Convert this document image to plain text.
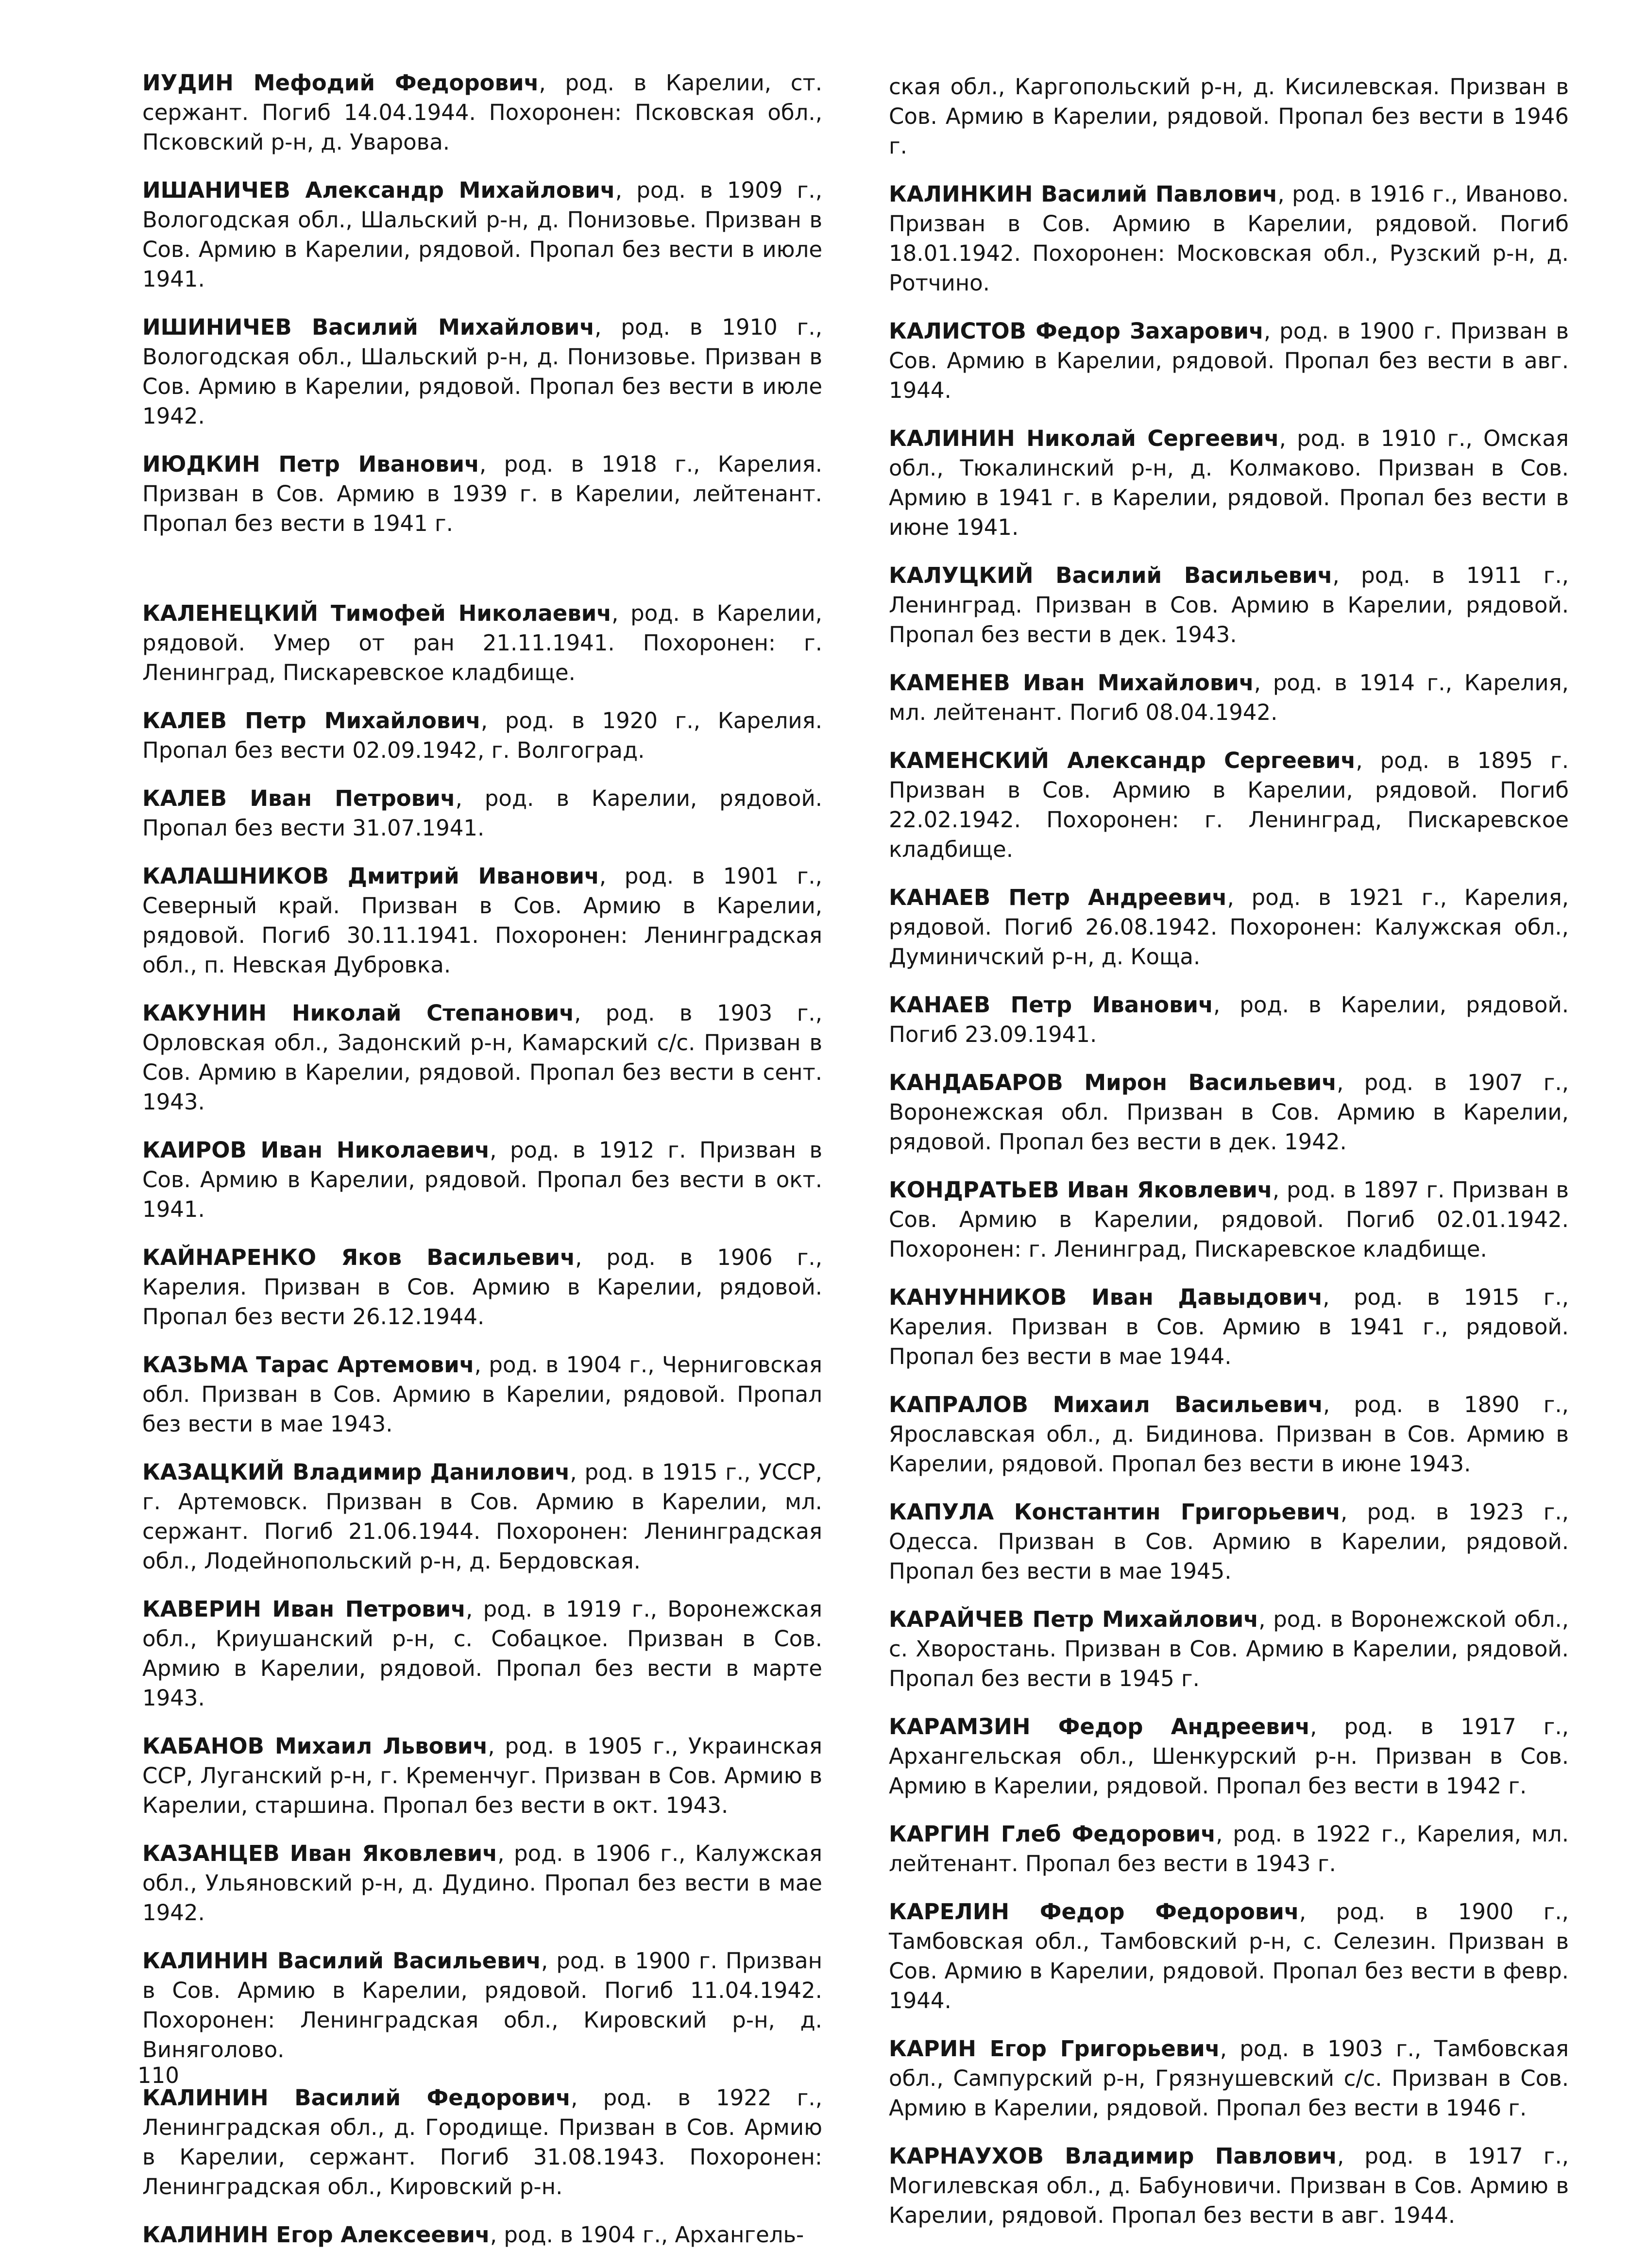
ИУДИН Мефодий Федорович, род. в Карелии, ст. сержант. Погиб 14.04.1944. Похоронен: Псковская обл., Псковский р-н, д. Уварова.

ИШАНИЧЕВ Александр Михайлович, род. в 1909 г., Вологодская обл., Шальский р-н, д. Понизовье. Призван в Сов. Армию в Карелии, рядовой. Пропал без вести в июле 1941.

ИШИНИЧЕВ Василий Михайлович, род. в 1910 г., Вологодская обл., Шальский р-н, д. Понизовье. Призван в Сов. Армию в Карелии, рядовой. Пропал без вести в июле 1942.

ИЮДКИН Петр Иванович, род. в 1918 г., Карелия. Призван в Сов. Армию в 1939 г. в Карелии, лейтенант. Пропал без вести в 1941 г.

КАЛЕНЕЦКИЙ Тимофей Николаевич, род. в Карелии, рядовой. Умер от ран 21.11.1941. Похоронен: г. Ленинград, Пискаревское кладбище.

КАЛЕВ Петр Михайлович, род. в 1920 г., Карелия. Пропал без вести 02.09.1942, г. Волгоград.

КАЛЕВ Иван Петрович, род. в Карелии, рядовой. Пропал без вести 31.07.1941.

КАЛАШНИКОВ Дмитрий Иванович, род. в 1901 г., Северный край. Призван в Сов. Армию в Карелии, рядовой. Погиб 30.11.1941. Похоронен: Ленинградская обл., п. Невская Дубровка.

КАКУНИН Николай Степанович, род. в 1903 г., Орловская обл., Задонский р-н, Камарский с/с. Призван в Сов. Армию в Карелии, рядовой. Пропал без вести в сент. 1943.

КАИРОВ Иван Николаевич, род. в 1912 г. Призван в Сов. Армию в Карелии, рядовой. Пропал без вести в окт. 1941.

КАЙНАРЕНКО Яков Васильевич, род. в 1906 г., Карелия. Призван в Сов. Армию в Карелии, рядовой. Пропал без вести 26.12.1944.

КАЗЬМА Тарас Артемович, род. в 1904 г., Черниговская обл. Призван в Сов. Армию в Карелии, рядовой. Пропал без вести в мае 1943.

КАЗАЦКИЙ Владимир Данилович, род. в 1915 г., УССР, г. Артемовск. Призван в Сов. Армию в Карелии, мл. сержант. Погиб 21.06.1944. Похоронен: Ленинградская обл., Лодейнопольский р-н, д. Бердовская.

КАВЕРИН Иван Петрович, род. в 1919 г., Воронежская обл., Криушанский р-н, с. Собацкое. Призван в Сов. Армию в Карелии, рядовой. Пропал без вести в марте 1943.

КАБАНОВ Михаил Львович, род. в 1905 г., Украинская ССР, Луганский р-н, г. Кременчуг. Призван в Сов. Армию в Карелии, старшина. Пропал без вести в окт. 1943.

КАЗАНЦЕВ Иван Яковлевич, род. в 1906 г., Калужская обл., Ульяновский р-н, д. Дудино. Пропал без вести в мае 1942.

КАЛИНИН Василий Васильевич, род. в 1900 г. Призван в Сов. Армию в Карелии, рядовой. Погиб 11.04.1942. Похоронен: Ленинградская обл., Кировский р-н, д. Виняголово.

КАЛИНИН Василий Федорович, род. в 1922 г., Ленинградская обл., д. Городище. Призван в Сов. Армию в Карелии, сержант. Погиб 31.08.1943. Похоронен: Ленинградская обл., Кировский р-н.

КАЛИНИН Егор Алексеевич, род. в 1904 г., Архангель-

ская обл., Каргопольский р-н, д. Кисилевская. Призван в Сов. Армию в Карелии, рядовой. Пропал без вести в 1946 г.

КАЛИНКИН Василий Павлович, род. в 1916 г., Иваново. Призван в Сов. Армию в Карелии, рядовой. Погиб 18.01.1942. Похоронен: Московская обл., Рузский р-н, д. Ротчино.

КАЛИСТОВ Федор Захарович, род. в 1900 г. Призван в Сов. Армию в Карелии, рядовой. Пропал без вести в авг. 1944.

КАЛИНИН Николай Сергеевич, род. в 1910 г., Омская обл., Тюкалинский р-н, д. Колмаково. Призван в Сов. Армию в 1941 г. в Карелии, рядовой. Пропал без вести в июне 1941.

КАЛУЦКИЙ Василий Васильевич, род. в 1911 г., Ленинград. Призван в Сов. Армию в Карелии, рядовой. Пропал без вести в дек. 1943.

КАМЕНЕВ Иван Михайлович, род. в 1914 г., Карелия, мл. лейтенант. Погиб 08.04.1942.

КАМЕНСКИЙ Александр Сергеевич, род. в 1895 г. Призван в Сов. Армию в Карелии, рядовой. Погиб 22.02.1942. Похоронен: г. Ленинград, Пискаревское кладбище.

КАНАЕВ Петр Андреевич, род. в 1921 г., Карелия, рядовой. Погиб 26.08.1942. Похоронен: Калужская обл., Думиничский р-н, д. Коща.

КАНАЕВ Петр Иванович, род. в Карелии, рядовой. Погиб 23.09.1941.

КАНДАБАРОВ Мирон Васильевич, род. в 1907 г., Воронежская обл. Призван в Сов. Армию в Карелии, рядовой. Пропал без вести в дек. 1942.

КОНДРАТЬЕВ Иван Яковлевич, род. в 1897 г. Призван в Сов. Армию в Карелии, рядовой. Погиб 02.01.1942. Похоронен: г. Ленинград, Пискаревское кладбище.

КАНУННИКОВ Иван Давыдович, род. в 1915 г., Карелия. Призван в Сов. Армию в 1941 г., рядовой. Пропал без вести в мае 1944.

КАПРАЛОВ Михаил Васильевич, род. в 1890 г., Ярославская обл., д. Бидинова. Призван в Сов. Армию в Карелии, рядовой. Пропал без вести в июне 1943.

КАПУЛА Константин Григорьевич, род. в 1923 г., Одесса. Призван в Сов. Армию в Карелии, рядовой. Пропал без вести в мае 1945.

КАРАЙЧЕВ Петр Михайлович, род. в Воронежской обл., с. Хворостань. Призван в Сов. Армию в Карелии, рядовой. Пропал без вести в 1945 г.

КАРАМЗИН Федор Андреевич, род. в 1917 г., Архангельская обл., Шенкурский р-н. Призван в Сов. Армию в Карелии, рядовой. Пропал без вести в 1942 г.

КАРГИН Глеб Федорович, род. в 1922 г., Карелия, мл. лейтенант. Пропал без вести в 1943 г.

КАРЕЛИН Федор Федорович, род. в 1900 г., Тамбовская обл., Тамбовский р-н, с. Селезин. Призван в Сов. Армию в Карелии, рядовой. Пропал без вести в февр. 1944.

КАРИН Егор Григорьевич, род. в 1903 г., Тамбовская обл., Сампурский р-н, Грязнушевский с/с. Призван в Сов. Армию в Карелии, рядовой. Пропал без вести в 1946 г.

КАРНАУХОВ Владимир Павлович, род. в 1917 г., Могилевская обл., д. Бабуновичи. Призван в Сов. Армию в Карелии, рядовой. Пропал без вести в авг. 1944.

110
